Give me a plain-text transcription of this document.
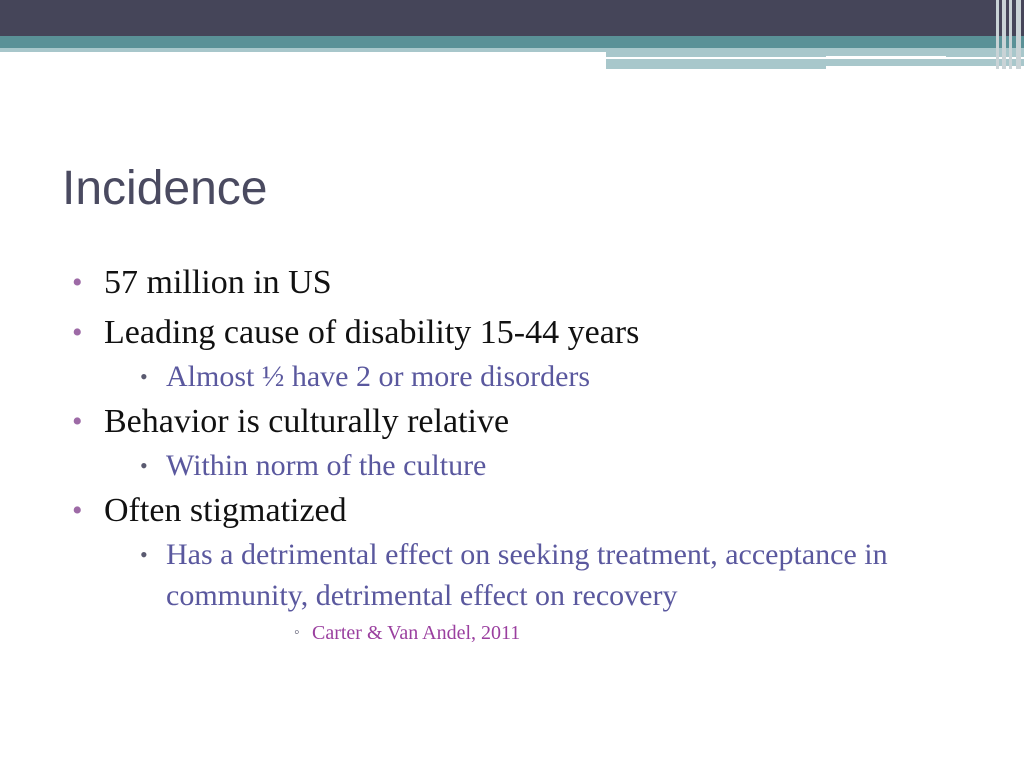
Incidence
• 57 million in US
• Leading cause of disability 15-44 years
• Almost ½ have 2 or more disorders
• Behavior is culturally relative
• Within norm of the culture
• Often stigmatized
• Has a detrimental effect on seeking treatment, acceptance in community, detrimental effect on recovery
◦ Carter & Van Andel, 2011
